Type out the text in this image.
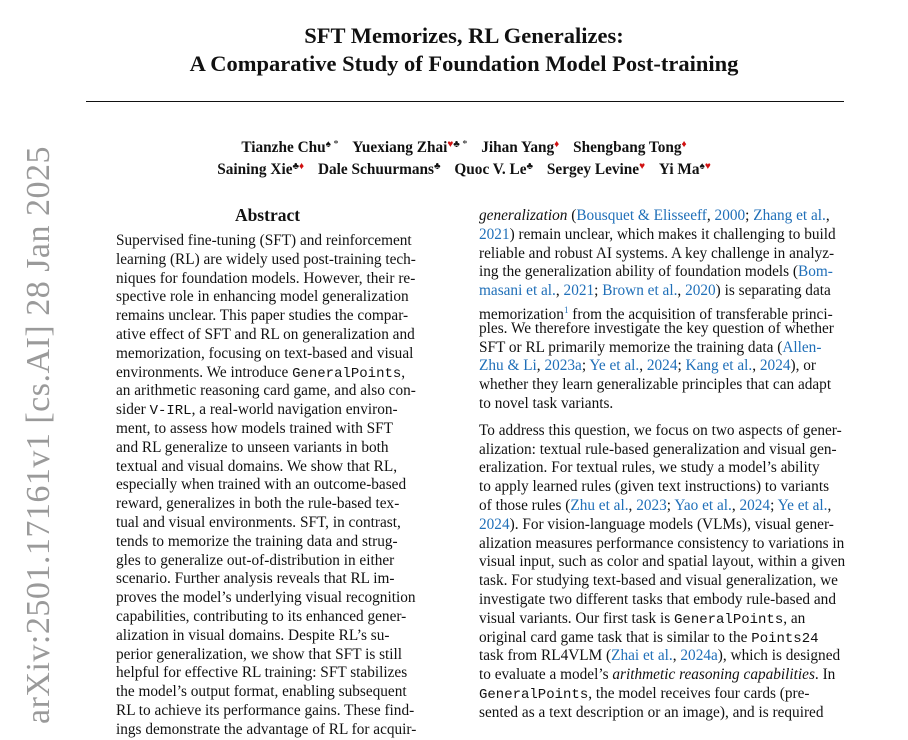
arXiv:2501.17161v1 [cs.AI] 28 Jan 2025
SFT Memorizes, RL Generalizes:
A Comparative Study of Foundation Model Post-training
Tianzhe Chu♠ * Yuexiang Zhai♥♣ * Jihan Yang♦ Shengbang Tong♦
Saining Xie♣♦ Dale Schuurmans♣ Quoc V. Le♣ Sergey Levine♥ Yi Ma♠♥
Abstract
Supervised fine-tuning (SFT) and reinforcement
learning (RL) are widely used post-training tech-
niques for foundation models. However, their re-
spective role in enhancing model generalization
remains unclear. This paper studies the compar-
ative effect of SFT and RL on generalization and
memorization, focusing on text-based and visual
environments. We introduce GeneralPoints,
an arithmetic reasoning card game, and also con-
sider V-IRL, a real-world navigation environ-
ment, to assess how models trained with SFT
and RL generalize to unseen variants in both
textual and visual domains. We show that RL,
especially when trained with an outcome-based
reward, generalizes in both the rule-based tex-
tual and visual environments. SFT, in contrast,
tends to memorize the training data and strug-
gles to generalize out-of-distribution in either
scenario. Further analysis reveals that RL im-
proves the model’s underlying visual recognition
capabilities, contributing to its enhanced gener-
alization in visual domains. Despite RL’s su-
perior generalization, we show that SFT is still
helpful for effective RL training: SFT stabilizes
the model’s output format, enabling subsequent
RL to achieve its performance gains. These find-
ings demonstrate the advantage of RL for acquir-
generalization (Bousquet & Elisseeff, 2000; Zhang et al.,
2021) remain unclear, which makes it challenging to build
reliable and robust AI systems. A key challenge in analyz-
ing the generalization ability of foundation models (Bom-
masani et al., 2021; Brown et al., 2020) is separating data
memorization$^1$ from the acquisition of transferable princi-
ples. We therefore investigate the key question of whether
SFT or RL primarily memorize the training data (Allen-
Zhu & Li, 2023a; Ye et al., 2024; Kang et al., 2024), or
whether they learn generalizable principles that can adapt
to novel task variants.
To address this question, we focus on two aspects of gener-
alization: textual rule-based generalization and visual gen-
eralization. For textual rules, we study a model’s ability
to apply learned rules (given text instructions) to variants
of those rules (Zhu et al., 2023; Yao et al., 2024; Ye et al.,
2024). For vision-language models (VLMs), visual gener-
alization measures performance consistency to variations in
visual input, such as color and spatial layout, within a given
task. For studying text-based and visual generalization, we
investigate two different tasks that embody rule-based and
visual variants. Our first task is GeneralPoints, an
original card game task that is similar to the Points24
task from RL4VLM (Zhai et al., 2024a), which is designed
to evaluate a model’s arithmetic reasoning capabilities. In
GeneralPoints, the model receives four cards (pre-
sented as a text description or an image), and is required
